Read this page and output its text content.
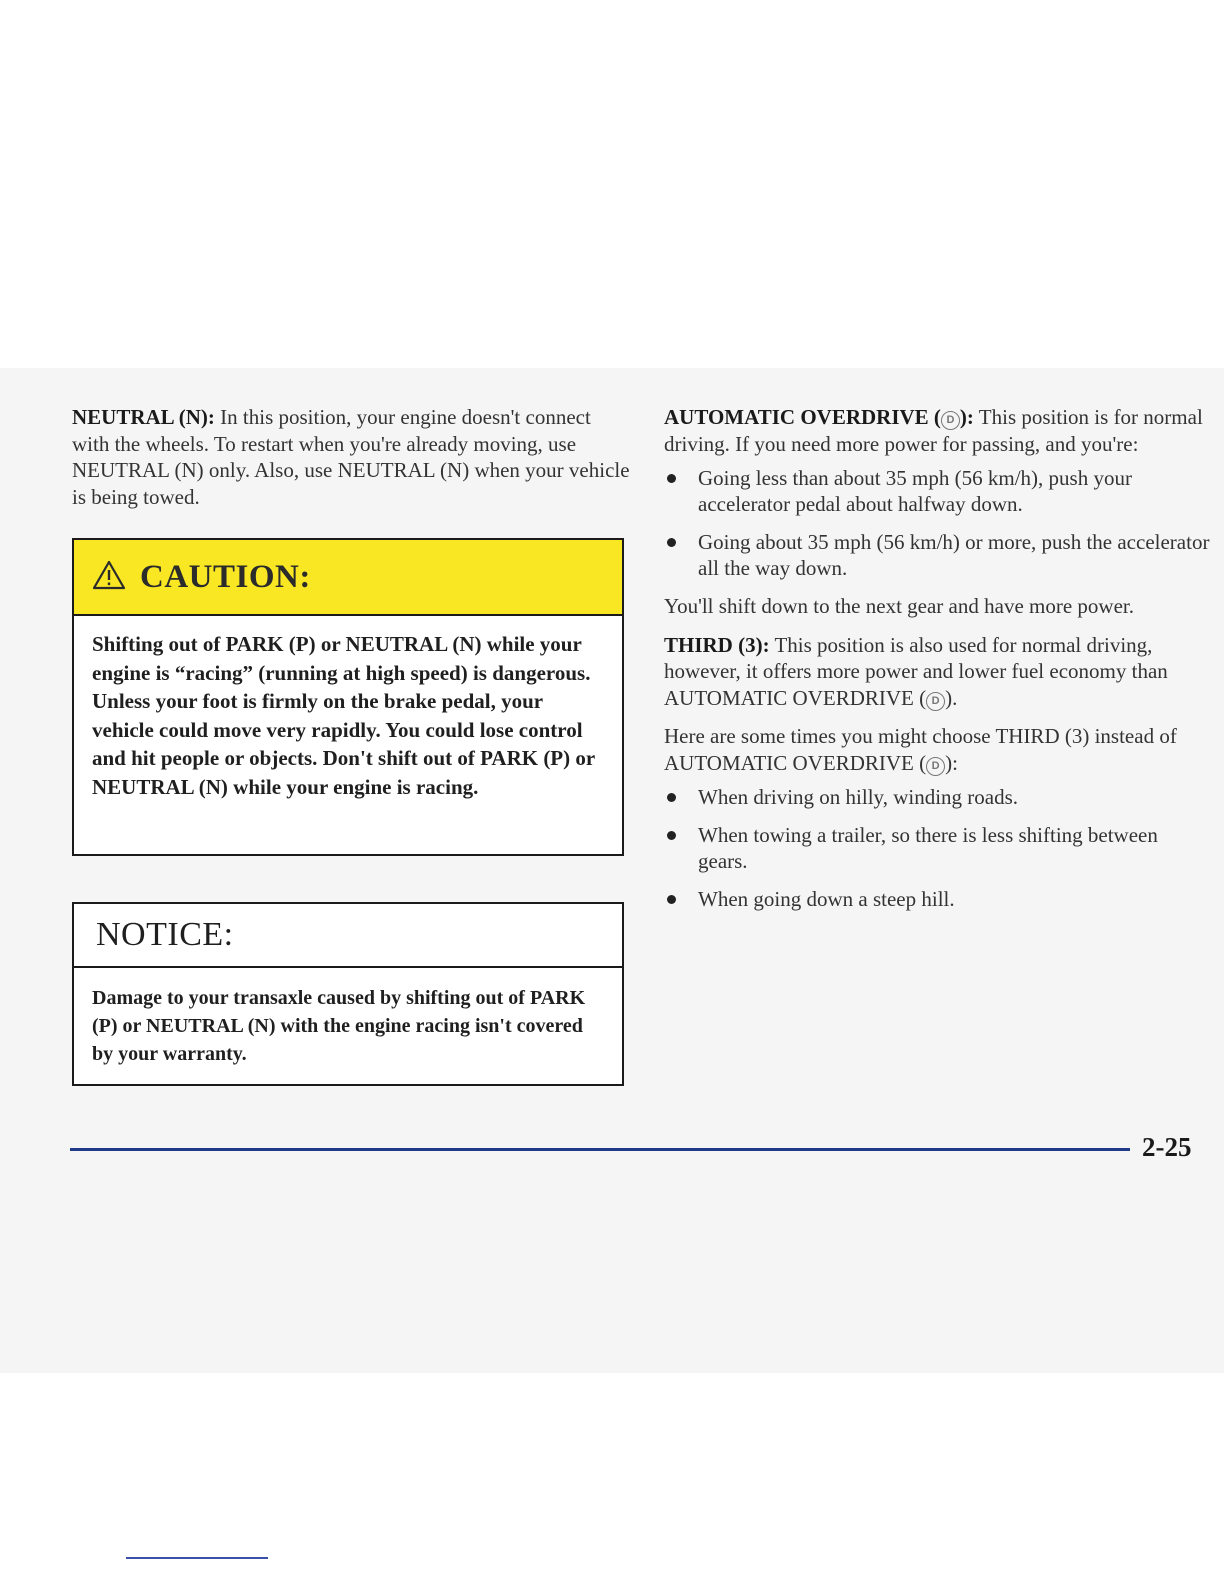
NEUTRAL (N): In this position, your engine doesn't connect with the wheels. To restart when you're already moving, use NEUTRAL (N) only. Also, use NEUTRAL (N) when your vehicle is being towed.

CAUTION:

Shifting out of PARK (P) or NEUTRAL (N) while your engine is “racing” (running at high speed) is dangerous. Unless your foot is firmly on the brake pedal, your vehicle could move very rapidly. You could lose control and hit people or objects. Don't shift out of PARK (P) or NEUTRAL (N) while your engine is racing.

NOTICE:

Damage to your transaxle caused by shifting out of PARK (P) or NEUTRAL (N) with the engine racing isn't covered by your warranty.

AUTOMATIC OVERDRIVE ( D ): This position is for normal driving. If you need more power for passing, and you're:

Going less than about 35 mph (56 km/h), push your accelerator pedal about halfway down.
Going about 35 mph (56 km/h) or more, push the accelerator all the way down.

You'll shift down to the next gear and have more power.

THIRD (3): This position is also used for normal driving, however, it offers more power and lower fuel economy than AUTOMATIC OVERDRIVE ( D ).

Here are some times you might choose THIRD (3) instead of AUTOMATIC OVERDRIVE ( D ):

When driving on hilly, winding roads.
When towing a trailer, so there is less shifting between gears.
When going down a steep hill.
2-25
